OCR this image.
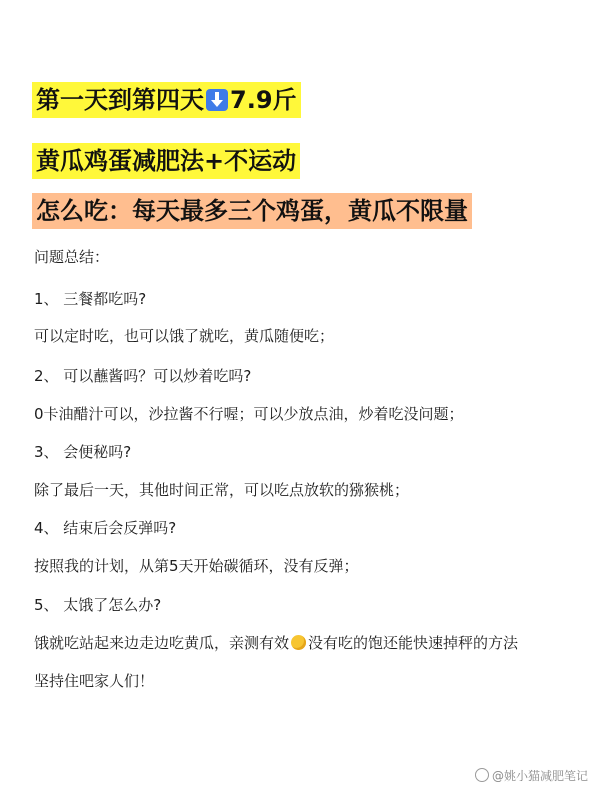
第一天到第四天 7.9斤
黄瓜鸡蛋减肥法+不运动
怎么吃：每天最多三个鸡蛋，黄瓜不限量
问题总结：
1、 三餐都吃吗?
可以定时吃，也可以饿了就吃，黄瓜随便吃；
2、 可以蘸酱吗？可以炒着吃吗?
0卡油醋汁可以，沙拉酱不行喔；可以少放点油，炒着吃没问题；
3、 会便秘吗?
除了最后一天，其他时间正常，可以吃点放软的猕猴桃；
4、 结束后会反弹吗?
按照我的计划，从第5天开始碳循环，没有反弹；
5、 太饿了怎么办?
饿就吃站起来边走边吃黄瓜，亲测有效 没有吃的饱还能快速掉秤的方法
坚持住吧家人们！
@姚小猫减肥笔记
